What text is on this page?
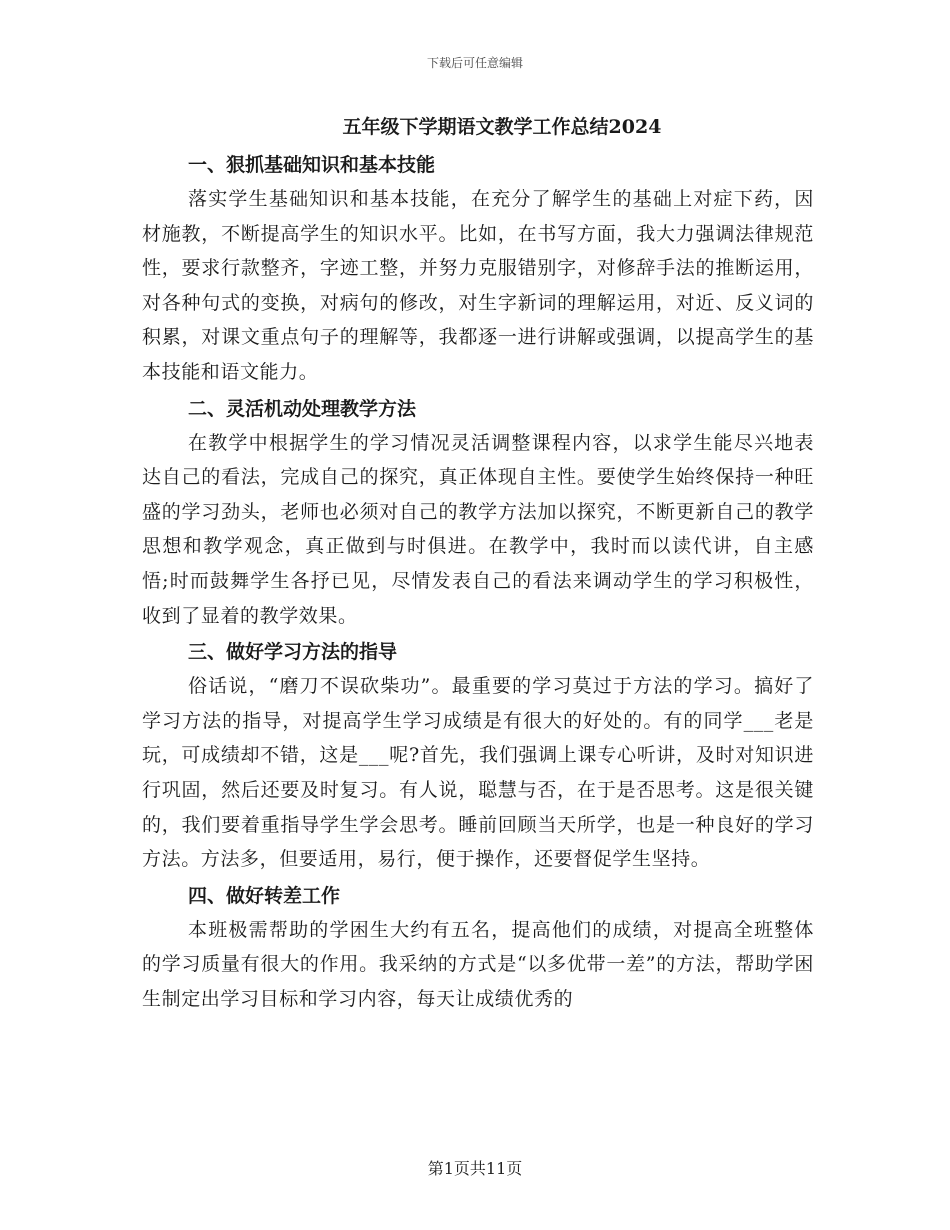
下载后可任意编辑
五年级下学期语文教学工作总结2024
一、狠抓基础知识和基本技能

落实学生基础知识和基本技能，在充分了解学生的基础上对症下药，因材施教，不断提高学生的知识水平。比如，在书写方面，我大力强调法律规范性，要求行款整齐，字迹工整，并努力克服错别字，对修辞手法的推断运用，对各种句式的变换，对病句的修改，对生字新词的理解运用，对近、反义词的积累，对课文重点句子的理解等，我都逐一进行讲解或强调，以提高学生的基本技能和语文能力。

二、灵活机动处理教学方法

在教学中根据学生的学习情况灵活调整课程内容，以求学生能尽兴地表达自己的看法，完成自己的探究，真正体现自主性。要使学生始终保持一种旺盛的学习劲头，老师也必须对自己的教学方法加以探究，不断更新自己的教学思想和教学观念，真正做到与时俱进。在教学中，我时而以读代讲，自主感悟;时而鼓舞学生各抒已见，尽情发表自己的看法来调动学生的学习积极性，收到了显着的教学效果。

三、做好学习方法的指导

俗话说，“磨刀不误砍柴功”。最重要的学习莫过于方法的学习。搞好了学习方法的指导，对提高学生学习成绩是有很大的好处的。有的同学___老是玩，可成绩却不错，这是___呢?首先，我们强调上课专心听讲，及时对知识进行巩固，然后还要及时复习。有人说，聪慧与否，在于是否思考。这是很关键的，我们要着重指导学生学会思考。睡前回顾当天所学，也是一种良好的学习方法。方法多，但要适用，易行，便于操作，还要督促学生坚持。

四、做好转差工作

本班极需帮助的学困生大约有五名，提高他们的成绩，对提高全班整体的学习质量有很大的作用。我采纳的方式是“以多优带一差”的方法，帮助学困生制定出学习目标和学习内容，每天让成绩优秀的

第1页共11页
